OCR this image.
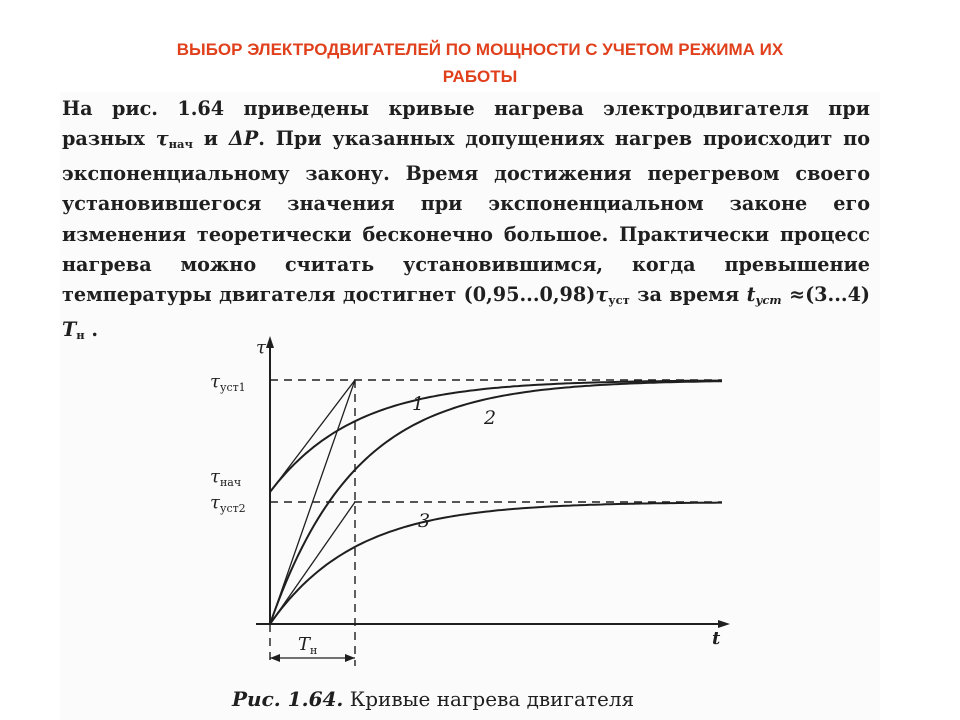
ВЫБОР ЭЛЕКТРОДВИГАТЕЛЕЙ ПО МОЩНОСТИ С УЧЕТОМ РЕЖИМА ИХ
РАБОТЫ

На рис. 1.64 приведены кривые нагрева электродвигателя при разных $\tau_{нач}$ и ΔP. При указанных допущениях нагрев происходит по экспоненциальному закону. Время достижения перегревом своего установившегося значения при экспоненциальном законе его изменения теоретически бесконечно большое. Практически процесс нагрева можно считать установившимся, когда превышение температуры двигателя достигнет $(0,95...0,98)\tau_{уст}$ за время $t_{уст} \approx(3...4)$ $T_н$ .

1
2
3
τ
t
$\tau_{уст1}$
$\tau_{нач}$
$\tau_{уст2}$
$T_н$
Рис. 1.64. Кривые нагрева двигателя
